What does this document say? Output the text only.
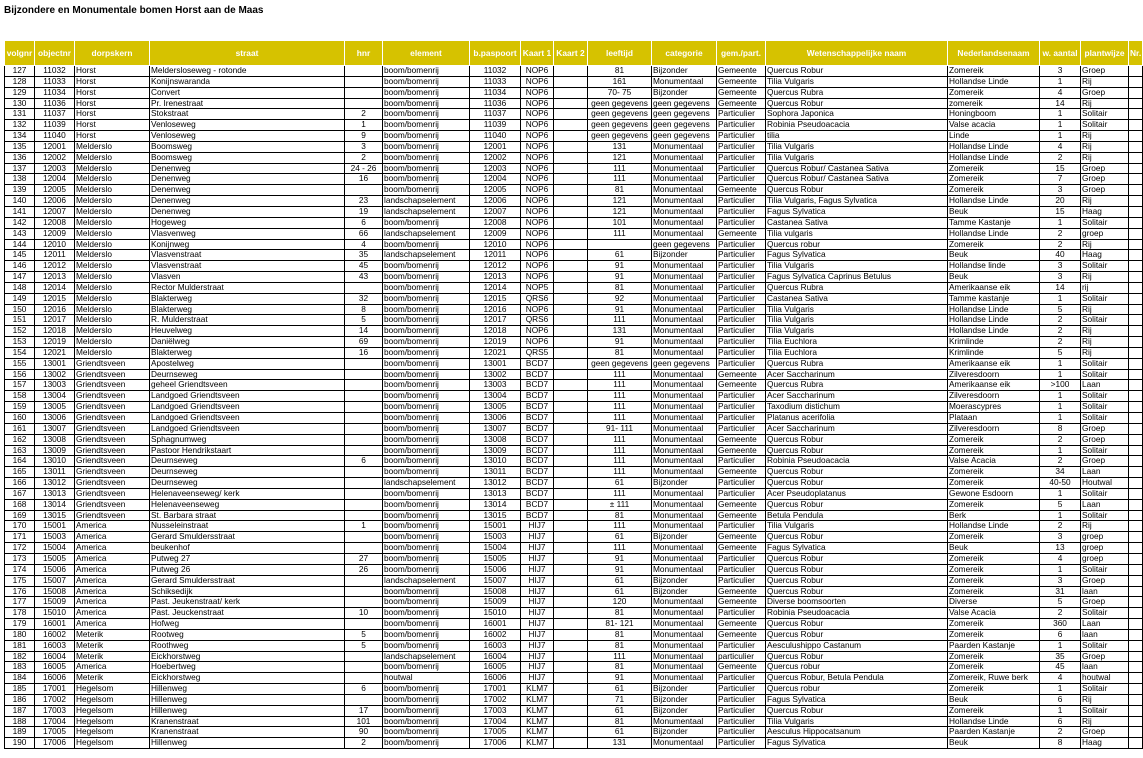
Bijzondere en Monumentale bomen Horst aan de Maas
volgnr	objectnr	dorpskern	straat	hnr	element	b.paspoort	Kaart 1	Kaart 2	leeftijd	categorie	gem./part.	Wetenschappelijke naam	Nederlandsenaam	w. aantal	plantwijze	Nr.
127	11032	Horst	Meldersloseweg - rotonde		boom/bomenrij	11032	NOP6		81	Bijzonder	Gemeente	Quercus Robur	Zomereik	3	Groep	
128	11033	Horst	Konijnswaranda		boom/bomenrij	11033	NOP6		161	Monumentaal	Gemeente	Tilia Vulgaris	Hollandse Linde	1	Rij	
129	11034	Horst	Convert		boom/bomenrij	11034	NOP6		70- 75	Bijzonder	Gemeente	Quercus Rubra	Zomereik	4	Groep	
130	11036	Horst	Pr. Irenestraat		boom/bomenrij	11036	NOP6		geen gegevens	geen gegevens	Gemeente	Quercus Robur	zomereik	14	Rij	
131	11037	Horst	Stokstraat	2	boom/bomenrij	11037	NOP6		geen gegevens	geen gegevens	Particulier	Sophora Japonica	Honingboom	1	Solitair	
132	11039	Horst	Venloseweg	1	boom/bomenrij	11039	NOP6		geen gegevens	geen gegevens	Particulier	Robinia Pseudoacacia	Valse acacia	1	Solitair	
134	11040	Horst	Venloseweg	9	boom/bomenrij	11040	NOP6		geen gegevens	geen gegevens	Particulier	tilia	Linde	1	Rij	
135	12001	Melderslo	Boomsweg	3	boom/bomenrij	12001	NOP6		131	Monumentaal	Particulier	Tilia Vulgaris	Hollandse Linde	4	Rij	
136	12002	Melderslo	Boomsweg	2	boom/bomenrij	12002	NOP6		121	Monumentaal	Particulier	Tilia Vulgaris	Hollandse Linde	2	Rij	
137	12003	Melderslo	Denenweg	24 - 26	boom/bomenrij	12003	NOP6		111	Monumentaal	Particulier	Quercus Robur/ Castanea Sativa	Zomereik	15	Groep	
138	12004	Melderslo	Denenweg	16	boom/bomenrij	12004	NOP6		111	Monumentaal	Particulier	Quercus Robur/ Castanea Sativa	Zomereik	7	Groep	
139	12005	Melderslo	Denenweg		boom/bomenrij	12005	NOP6		81	Monumentaal	Gemeente	Quercus Robur	Zomereik	3	Groep	
140	12006	Melderslo	Denenweg	23	landschapselement	12006	NOP6		121	Monumentaal	Particulier	Tilia Vulgaris, Fagus Sylvatica	Hollandse Linde	20	Rij	
141	12007	Melderslo	Denenweg	19	landschapselement	12007	NOP6		121	Monumentaal	Particulier	Fagus Sylvatica	Beuk	15	Haag	
142	12008	Melderslo	Hogeweg	6	boom/bomenrij	12008	NOP6		101	Monumentaal	Particulier	Castanea Sativa	Tamme Kastanje	1	Solitair	
143	12009	Melderslo	Vlasvenweg	66	landschapselement	12009	NOP6		111	Monumentaal	Gemeente	Tilia vulgaris	Hollandse Linde	2	groep	
144	12010	Melderslo	Konijnweg	4	boom/bomenrij	12010	NOP6			geen gegevens	Particulier	Quercus robur	Zomereik	2	Rij	
145	12011	Melderslo	Vlasvenstraat	35	landschapselement	12011	NOP6		61	Bijzonder	Particulier	Fagus Sylvatica	Beuk	40	Haag	
146	12012	Melderslo	Vlasvenstraat	45	boom/bomenrij	12012	NOP6		91	Monumentaal	Particulier	Tilia Vulgaris	Hollandse linde	3	Solitair	
147	12013	Melderslo	Vlasven	43	boom/bomenrij	12013	NOP6		91	Monumentaal	Particulier	Fagus Sylvatica Caprinus Betulus	Beuk	3	Rij	
148	12014	Melderslo	Rector Mulderstraat		boom/bomenrij	12014	NOP5		81	Monumentaal	Particulier	Quercus Rubra	Amerikaanse eik	14	rij	
149	12015	Melderslo	Blakterweg	32	boom/bomenrij	12015	QRS6		92	Monumentaal	Particulier	Castanea Sativa	Tamme kastanje	1	Solitair	
150	12016	Melderslo	Blakterweg	8	boom/bomenrij	12016	NOP6		91	Monumentaal	Particulier	Tilia Vulgaris	Hollandse Linde	5	Rij	
151	12017	Melderslo	R. Mulderstraat	5	boom/bomenrij	12017	QRS6		111	Monumentaal	Particulier	Tilia Vulgaris	Hollandse Linde	2	Solitair	
152	12018	Melderslo	Heuvelweg	14	boom/bomenrij	12018	NOP6		131	Monumentaal	Particulier	Tilia Vulgaris	Hollandse Linde	2	Rij	
153	12019	Melderslo	Daniëlweg	69	boom/bomenrij	12019	NOP6		91	Monumentaal	Particulier	Tilia Euchlora	Krimlinde	2	Rij	
154	12021	Melderslo	Blakterweg	16	boom/bomenrij	12021	QRS5		81	Monumentaal	Particulier	Tilia Euchlora	Krimlinde	5	Rij	
155	13001	Griendtsveen	Apostelweg		boom/bomenrij	13001	BCD7		geen gegevens	geen gegevens	Particulier	Quercus Rubra	Amerikaanse eik	1	Solitair	
156	13002	Griendtsveen	Deurnseweg		boom/bomenrij	13002	BCD7		111	Monumentaal	Gemeente	Acer Saccharinum	Zilveresdoorn	1	Solitair	
157	13003	Griendtsveen	geheel Griendtsveen		boom/bomenrij	13003	BCD7		111	Monumentaal	Gemeente	Quercus Rubra	Amerikaanse eik	>100	Laan	
158	13004	Griendtsveen	Landgoed Griendtsveen		boom/bomenrij	13004	BCD7		111	Monumentaal	Particulier	Acer Saccharinum	Zilveresdoorn	1	Solitair	
159	13005	Griendtsveen	Landgoed Griendtsveen		boom/bomenrij	13005	BCD7		111	Monumentaal	Particulier	Taxodium distichum	Moerascypres	1	Solitair	
160	13006	Griendtsveen	Landgoed Griendtsveen		boom/bomenrij	13006	BCD7		111	Monumentaal	Particulier	Platanus acerifolia	Plataan	1	Solitair	
161	13007	Griendtsveen	Landgoed Griendtsveen		boom/bomenrij	13007	BCD7		91- 111	Monumentaal	Particulier	Acer Saccharinum	Zilveresdoorn	8	Groep	
162	13008	Griendtsveen	Sphagnumweg		boom/bomenrij	13008	BCD7		111	Monumentaal	Gemeente	Quercus Robur	Zomereik	2	Groep	
163	13009	Griendtsveen	Pastoor Hendrikstaart		boom/bomenrij	13009	BCD7		111	Monumentaal	Gemeente	Quercus Robur	Zomereik	1	Solitair	
164	13010	Griendtsveen	Deurnseweg	6	boom/bomenrij	13010	BCD7		111	Monumentaal	Particulier	Robinia Pseudoacacia	Valse Acacia	2	Groep	
165	13011	Griendtsveen	Deurnseweg		boom/bomenrij	13011	BCD7		111	Monumentaal	Gemeente	Quercus Robur	Zomereik	34	Laan	
166	13012	Griendtsveen	Deurnseweg		landschapselement	13012	BCD7		61	Bijzonder	Particulier	Quercus Robur	Zomereik	40-50	Houtwal	
167	13013	Griendtsveen	Helenaveenseweg/ kerk		boom/bomenrij	13013	BCD7		111	Monumentaal	Particulier	Acer Pseudoplatanus	Gewone Esdoorn	1	Solitair	
168	13014	Griendtsveen	Helenaveenseweg		boom/bomenrij	13014	BCD7		± 111	Monumentaal	Gemeente	Quercus Robur	Zomereik	5	Laan	
169	13015	Griendtsveen	St. Barbara straat		boom/bomenrij	13015	BCD7		81	Monumentaal	Gemeente	Betula Pendula	Berk	1	Solitair	
170	15001	America	Nusseleinstraat	1	boom/bomenrij	15001	HIJ7		111	Monumentaal	Particulier	Tilia Vulgaris	Hollandse Linde	2	Rij	
171	15003	America	Gerard Smuldersstraat		boom/bomenrij	15003	HIJ7		61	Bijzonder	Gemeente	Quercus Robur	Zomereik	3	groep	
172	15004	America	beukenhof		boom/bomenrij	15004	HIJ7		111	Monumentaal	Gemeente	Fagus Sylvatica	Beuk	13	groep	
173	15005	America	Putweg 27	27	boom/bomenrij	15005	HIJ7		91	Monumentaal	Particulier	Quercus Robur	Zomereik	4	groep	
174	15006	America	Putweg 26	26	boom/bomenrij	15006	HIJ7		91	Monumentaal	Particulier	Quercus Robur	Zomereik	1	Solitair	
175	15007	America	Gerard Smuldersstraat		landschapselement	15007	HIJ7		61	Bijzonder	Particulier	Quercus Robur	Zomereik	3	Groep	
176	15008	America	Schiksedijk		boom/bomenrij	15008	HIJ7		61	Bijzonder	Gemeente	Quercus Robur	Zomereik	31	laan	
177	15009	America	Past. Jeukenstraat/ kerk		boom/bomenrij	15009	HIJ7		120	Monumentaal	Gemeente	Diverse boomsoorten	Diverse	5	Groep	
178	15010	America	Past. Jeuckenstraat	10	boom/bomenrij	15010	HIJ7		81	Monumentaal	Particulier	Robinia Pseudoacacia	Valse Acacia	2	Solitair	
179	16001	America	Hofweg		boom/bomenrij	16001	HIJ7		81- 121	Monumentaal	Gemeente	Quercus Robur	Zomereik	360	Laan	
180	16002	Meterik	Rootweg	5	boom/bomenrij	16002	HIJ7		81	Monumentaal	Gemeente	Quercus Robur	Zomereik	6	laan	
181	16003	Meterik	Roothweg	5	boom/bomenrij	16003	HIJ7		81	Monumentaal	Particulier	Aesculushippo Castanum	Paarden Kastanje	1	Solitair	
182	16004	Meterik	Eickhorstweg		landschapselement	16004	HIJ7		111	Monumentaal	particulier	Quercus Robur	Zomereik	35	Groep	
183	16005	America	Hoebertweg		boom/bomenrij	16005	HIJ7		81	Monumentaal	Gemeente	Quercus robur	Zomereik	45	laan	
184	16006	Meterik	Eickhorstweg		houtwal	16006	HIJ7		91	Monumentaal	Particulier	Quercus Robur, Betula Pendula	Zomereik, Ruwe berk	4	houtwal	
185	17001	Hegelsom	Hillenweg	6	boom/bomenrij	17001	KLM7		61	Bijzonder	Particulier	Quercus robur	Zomereik	1	Solitair	
186	17002	Hegelsom	Hillenweg		boom/bomenrij	17002	KLM7		71	Bijzonder	Particulier	Fagus Sylvatica	Beuk	6	Rij	
187	17003	Hegelsom	Hillenweg	17	boom/bomenrij	17003	KLM7		61	Bijzonder	Particulier	Quercus Robur	Zomereik	1	Solitair	
188	17004	Hegelsom	Kranenstraat	101	boom/bomenrij	17004	KLM7		81	Monumentaal	Particulier	Tilia Vulgaris	Hollandse Linde	6	Rij	
189	17005	Hegelsom	Kranenstraat	90	boom/bomenrij	17005	KLM7		61	Bijzonder	Particulier	Aesculus Hippocatsanum	Paarden Kastanje	2	Groep	
190	17006	Hegelsom	Hillenweg	2	boom/bomenrij	17006	KLM7		131	Monumentaal	Particulier	Fagus Sylvatica	Beuk	8	Haag	
